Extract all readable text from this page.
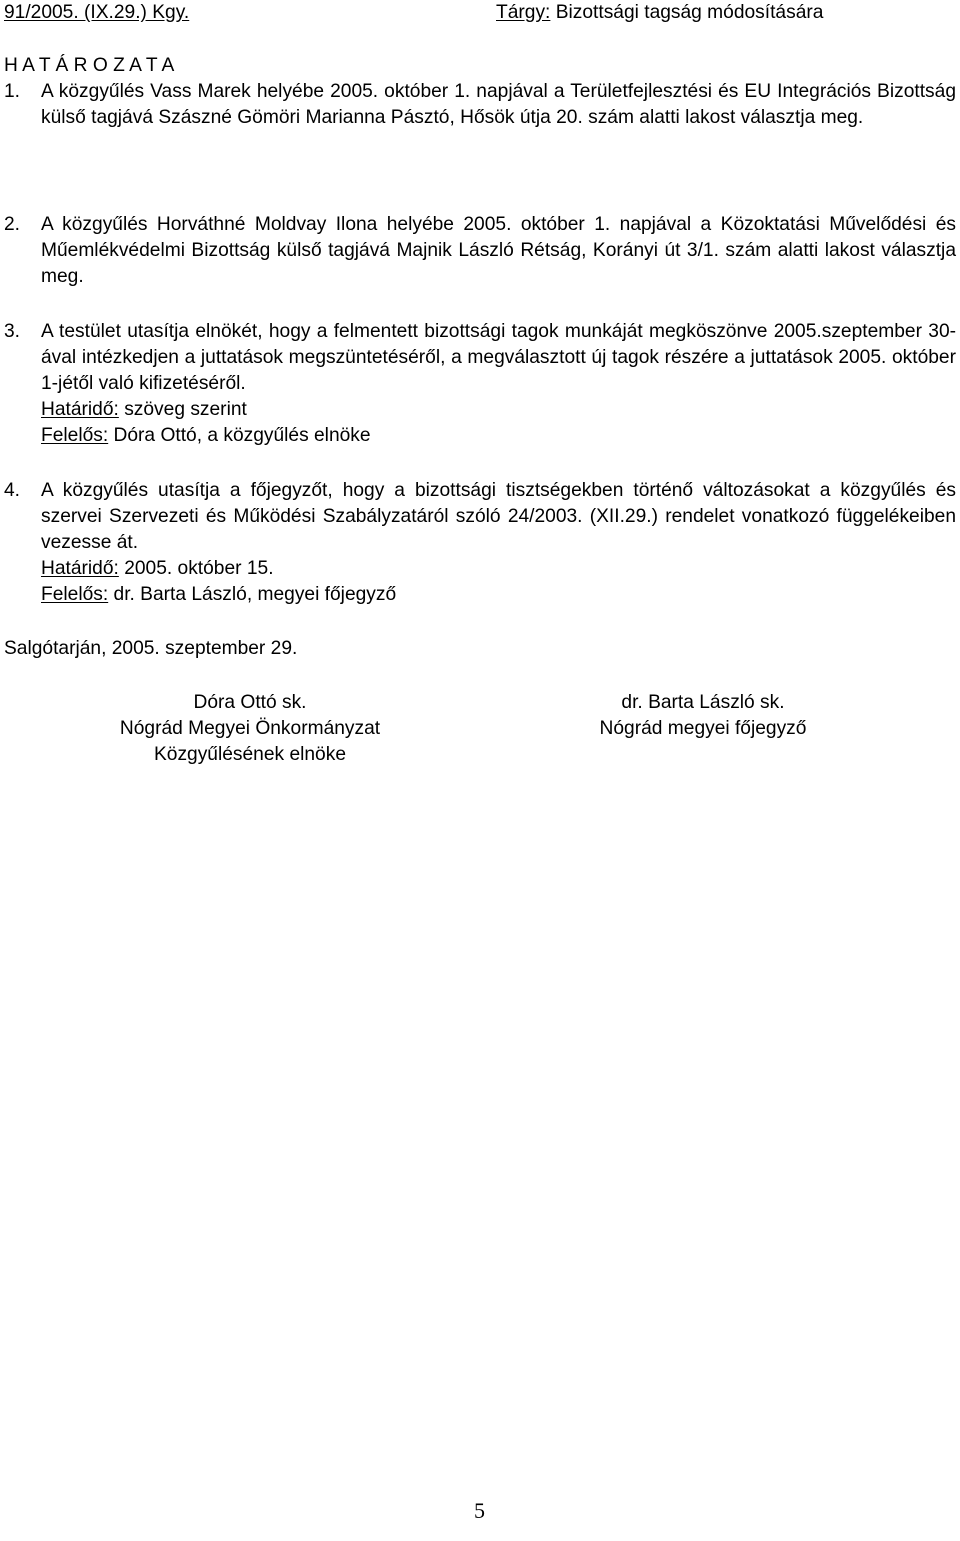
91/2005. (IX.29.) Kgy.	Tárgy: Bizottsági tagság módosítására
H A T Á R O Z A T A
1. A közgyűlés Vass Marek helyébe 2005. október 1. napjával a Területfejlesztési és EU Integrációs Bizottság külső tagjává Szászné Gömöri Marianna Pásztó, Hősök útja 20. szám alatti lakost választja meg.
2. A közgyűlés Horváthné Moldvay Ilona helyébe 2005. október 1. napjával a Közoktatási Művelődési és Műemlékvédelmi Bizottság külső tagjává Majnik László Rétság, Korányi út 3/1. szám alatti lakost választja meg.
3. A testület utasítja elnökét, hogy a felmentett bizottsági tagok munkáját megköszönve 2005.szeptember 30-ával intézkedjen a juttatások megszüntetéséről, a megválasztott új tagok részére a juttatások 2005. október 1-jétől való kifizetéséről.
Határidő: szöveg szerint
Felelős: Dóra Ottó, a közgyűlés elnöke
4. A közgyűlés utasítja a főjegyzőt, hogy a bizottsági tisztségekben történő változásokat a közgyűlés és szervei Szervezeti és Működési Szabályzatáról szóló 24/2003. (XII.29.) rendelet vonatkozó függelékeiben vezesse át.
Határidő: 2005. október 15.
Felelős: dr. Barta László, megyei főjegyző
Salgótarján, 2005. szeptember 29.
Dóra Ottó sk.
Nógrád Megyei Önkormányzat
Közgyűlésének elnöke
dr. Barta László sk.
Nógrád megyei főjegyző
5
